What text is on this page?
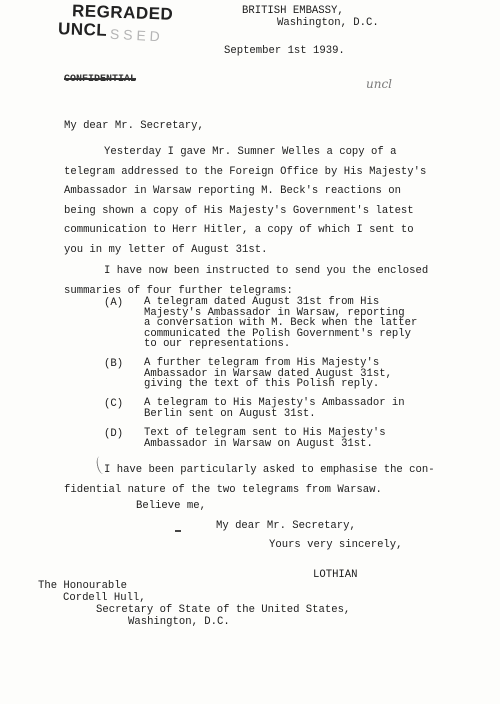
REGRADED
UNCL S S E D
BRITISH EMBASSY,
Washington, D.C.
September 1st 1939.
CONFIDENTIAL	uncl
My dear Mr. Secretary,
Yesterday I gave Mr. Sumner Welles a copy of a
telegram addressed to the Foreign Office by His Majesty's
Ambassador in Warsaw reporting M. Beck's reactions on
being shown a copy of His Majesty's Government's latest
communication to Herr Hitler, a copy of which I sent to
you in my letter of August 31st.
I have now been instructed to send you the enclosed
summaries of four further telegrams:
(A) A telegram dated August 31st from His
Majesty's Ambassador in Warsaw, reporting
a conversation with M. Beck when the latter
communicated the Polish Government's reply
to our representations.
(B) A further telegram from His Majesty's
Ambassador in Warsaw dated August 31st,
giving the text of this Polish reply.
(C) A telegram to His Majesty's Ambassador in
Berlin sent on August 31st.
(D) Text of telegram sent to His Majesty's
Ambassador in Warsaw on August 31st.
I have been particularly asked to emphasise the con-
fidential nature of the two telegrams from Warsaw.
Believe me,
My dear Mr. Secretary,
Yours very sincerely,
LOTHIAN
The Honourable
Cordell Hull,
Secretary of State of the United States,
Washington, D.C.
